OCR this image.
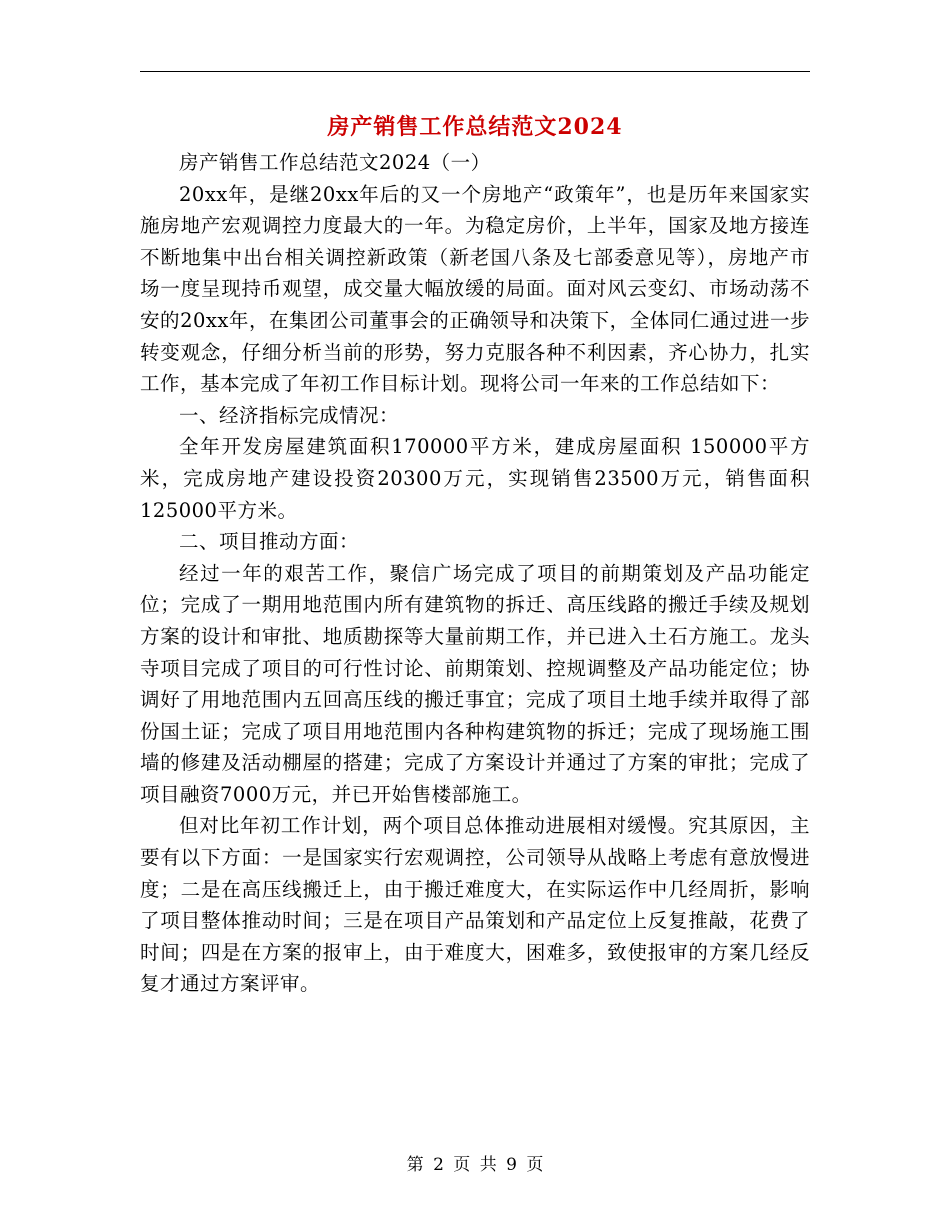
房产销售工作总结范文2024

房产销售工作总结范文2024（一）

20xx年，是继20xx年后的又一个房地产“政策年”，也是历年来国家实施房地产宏观调控力度最大的一年。为稳定房价，上半年，国家及地方接连不断地集中出台相关调控新政策（新老国八条及七部委意见等），房地产市场一度呈现持币观望，成交量大幅放缓的局面。面对风云变幻、市场动荡不安的20xx年，在集团公司董事会的正确领导和决策下，全体同仁通过进一步转变观念，仔细分析当前的形势，努力克服各种不利因素，齐心协力，扎实工作，基本完成了年初工作目标计划。现将公司一年来的工作总结如下：

一、经济指标完成情况：

全年开发房屋建筑面积170000平方米，建成房屋面积 150000平方米，完成房地产建设投资20300万元，实现销售23500万元，销售面积125000平方米。

二、项目推动方面：

经过一年的艰苦工作，聚信广场完成了项目的前期策划及产品功能定位；完成了一期用地范围内所有建筑物的拆迁、高压线路的搬迁手续及规划方案的设计和审批、地质勘探等大量前期工作，并已进入土石方施工。龙头寺项目完成了项目的可行性讨论、前期策划、控规调整及产品功能定位；协调好了用地范围内五回高压线的搬迁事宜；完成了项目土地手续并取得了部份国土证；完成了项目用地范围内各种构建筑物的拆迁；完成了现场施工围墙的修建及活动棚屋的搭建；完成了方案设计并通过了方案的审批；完成了项目融资7000万元，并已开始售楼部施工。

但对比年初工作计划，两个项目总体推动进展相对缓慢。究其原因，主要有以下方面：一是国家实行宏观调控，公司领导从战略上考虑有意放慢进度；二是在高压线搬迁上，由于搬迁难度大，在实际运作中几经周折，影响了项目整体推动时间；三是在项目产品策划和产品定位上反复推敲，花费了时间；四是在方案的报审上，由于难度大，困难多，致使报审的方案几经反复才通过方案评审。

第 2 页 共 9 页
